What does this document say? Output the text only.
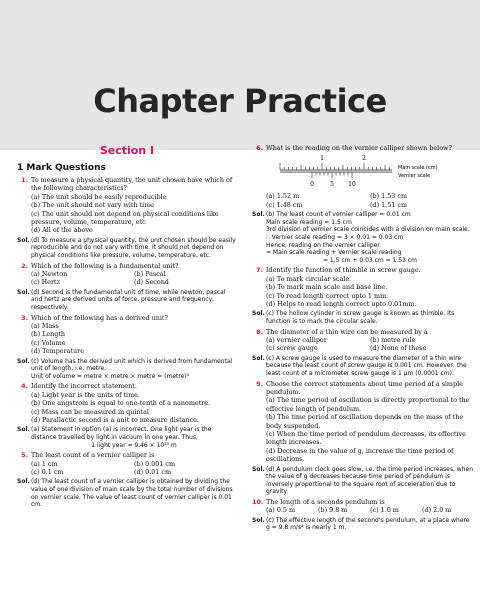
Chapter Practice
Section I
1 Mark Questions
1. To measure a physical quantity, the unit chosen have which of the following characteristics?
(a) The unit should be easily reproducible
(b) The unit should not vary with time
(c) The unit should not depend on physical conditions like pressure, volume, temperature, etc
(d) All of the above
Sol. (d) To measure a physical quantity, the unit chosen should be easily reproducible and do not vary with time. It should not depend on physical conditions like pressure, volume, temperature, etc.
2. Which of the following is a fundamental unit?
(a) Newton	(b) Pascal
(c) Hertz	(d) Second
Sol. (d) Second is the fundamental unit of time, while newton, pascal and hertz are derived units of force, pressure and frequency, respectively.
3. Which of the following has a derived unit?
(a) Mass
(b) Length
(c) Volume
(d) Temperature
Sol. (c) Volume has the derived unit which is derived from fundamental unit of length, i.e. metre.
Unit of volume = metre × metre × metre = (metre)³
4. Identify the incorrect statement.
(a) Light year is the units of time.
(b) One angstrom is equal to one-tenth of a nanometre.
(c) Mass can be measured in quintal
(d) Parallactic second is a unit to measure distance.
Sol. (a) Statement in option (a) is incorrect. One light year is the distance travelled by light in vacuum in one year. Thus,
1 light year = 9.46 × 10¹⁵ m
5. The least count of a vernier calliper is
(a) 1 cm	(b) 0.001 cm
(c) 0.1 cm	(d) 0.01 cm
Sol. (d) The least count of a vernier calliper is obtained by dividing the value of one division of main scale by the total number of divisions on vernier scale. The value of least count of vernier calliper is 0.01 cm.
6. What is the reading on the vernier calliper shown below?
1	2
0	5 10
Main scale (cm)
Vernier scale
(a) 1.52 m	(b) 1.53 cm
(c) 1.48 cm	(d) 1.51 cm
Sol. (b) The least count of vernier calliper = 0.01 cm
Main scale reading = 1.5 cm
3rd division of vernier scale coincides with a division on main scale.
∴ Vernier scale reading = 3 × 0.01 = 0.03 cm
Hence, reading on the vernier calliper
= Main scale reading + Vernier scale reading
= 1.5 cm + 0.03 cm = 1.53 cm
7. Identify the function of thimble in screw gauge.
(a) To mark circular scale.
(b) To mark main scale and base line.
(c) To read length correct upto 1 mm.
(d) Helps to read length correct upto 0.01mm.
Sol. (c) The hollow cylinder in screw gauge is known as thimble. Its function is to mark the circular scale.
8. The diameter of a thin wire can be measured by a
(a) vernier calliper	(b) metre rule
(c) screw gauge	(d) None of these
Sol. (c) A screw gauge is used to measure the diameter of a thin wire because the least count of screw gauge is 0.001 cm. However, the least count of a micrometer screw gauge is 1 μm (0.0001 cm).
9. Choose the correct statements about time period of a simple pendulum.
(a) The time period of oscillation is directly proportional to the effective length of pendulum.
(b) The time period of oscillation depends on the mass of the body suspended.
(c) When the time period of pendulum decreases, its effective length increases.
(d) Decrease in the value of g, increase the time period of oscillations.
Sol. (d) A pendulum clock goes slow, i.e. the time period increases, when the value of g decreases because time period of pendulum is inversely proportional to the square root of acceleration due to gravity.
10. The length of a seconds pendulum is
(a) 0.5 m	(b) 9.8 m	(c) 1.0 m	(d) 2.0 m
Sol. (c) The effective length of the second's pendulum, at a place where g = 9.8 m/s² is nearly 1 m.
